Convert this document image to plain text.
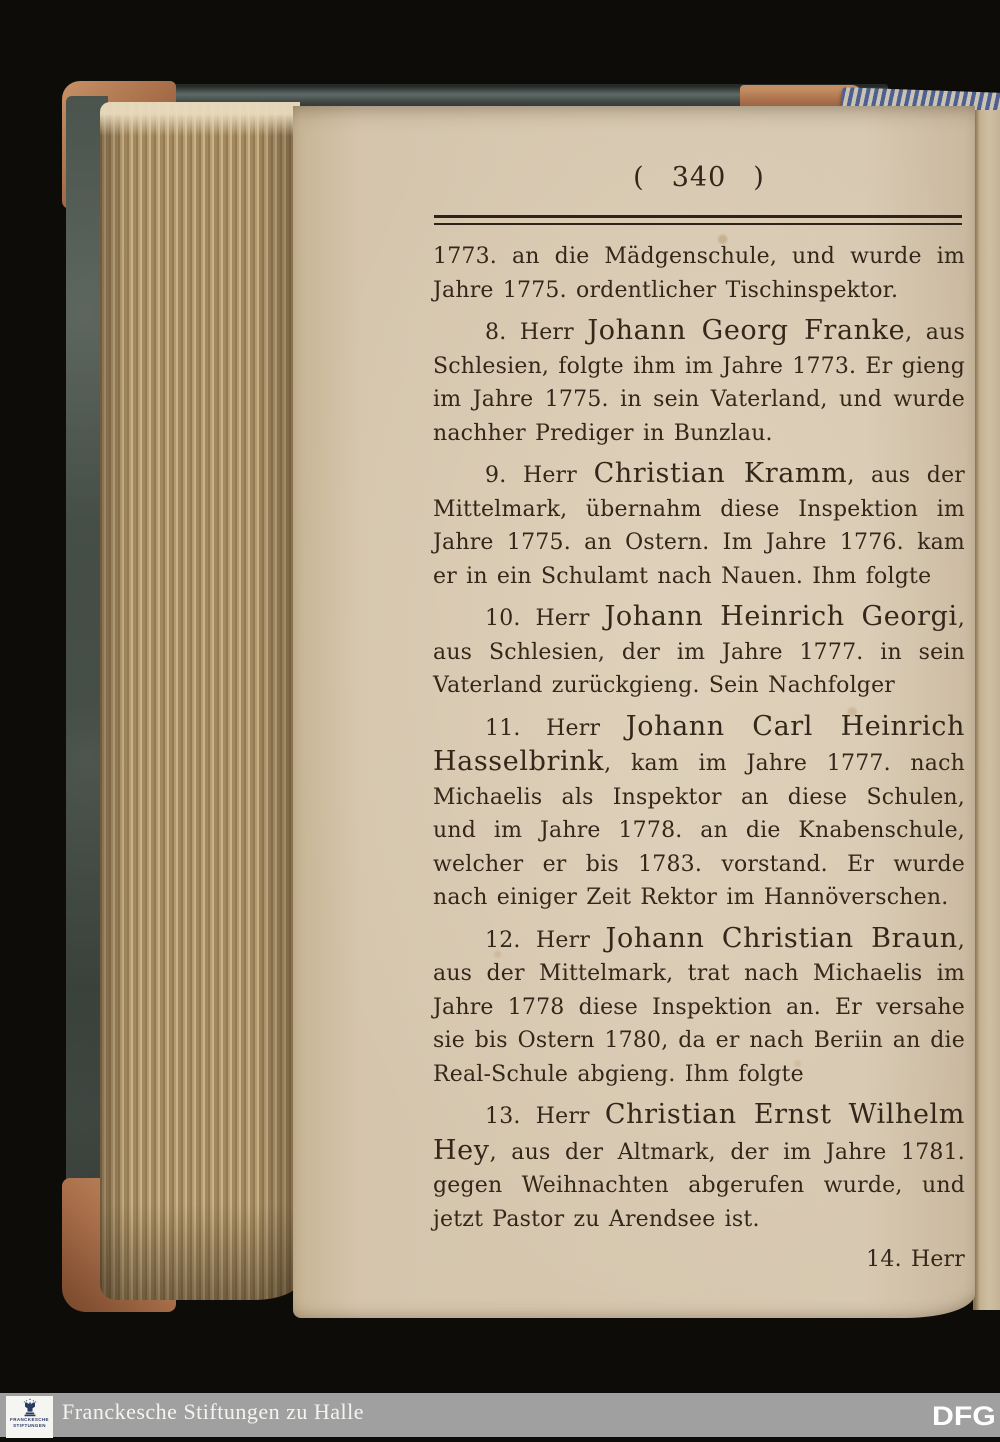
( 340 )

1773. an die Mädgenschule, und wurde im Jahre 1775. ordentlicher Tischinspektor.

8. Herr Johann Georg Franke, aus Schlesien, folgte ihm im Jahre 1773. Er gieng im Jahre 1775. in sein Vaterland, und wurde nachher Prediger in Bunzlau.

9. Herr Christian Kramm, aus der Mittelmark, übernahm diese Inspektion im Jahre 1775. an Ostern. Im Jahre 1776. kam er in ein Schulamt nach Nauen. Ihm folgte

10. Herr Johann Heinrich Georgi, aus Schlesien, der im Jahre 1777. in sein Vaterland zurückgieng. Sein Nachfolger

11. Herr Johann Carl Heinrich Hasselbrink, kam im Jahre 1777. nach Michaelis als Inspektor an diese Schulen, und im Jahre 1778. an die Knabenschule, welcher er bis 1783. vorstand. Er wurde nach einiger Zeit Rektor im Hannöverschen.

12. Herr Johann Christian Braun, aus der Mittelmark, trat nach Michaelis im Jahre 1778 diese Inspektion an. Er versahe sie bis Ostern 1780, da er nach Beriin an die Real-Schule abgieng. Ihm folgte

13. Herr Christian Ernst Wilhelm Hey, aus der Altmark, der im Jahre 1781. gegen Weihnachten abgerufen wurde, und jetzt Pastor zu Arendsee ist.

14. Herr

FRANCKESCHE
STIFTUNGEN
Franckesche Stiftungen zu Halle	DFG
